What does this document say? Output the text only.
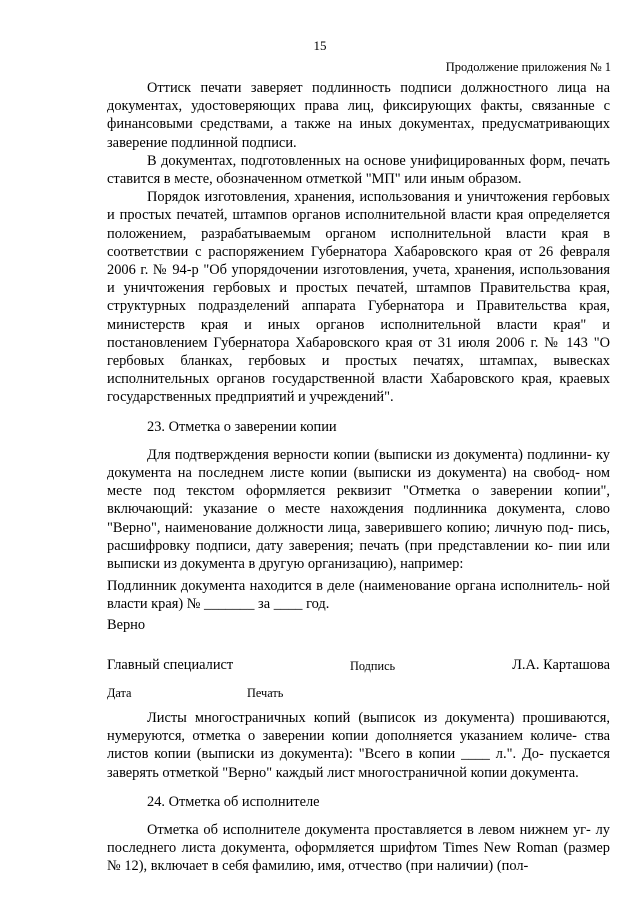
15
Продолжение приложения № 1

Оттиск печати заверяет подлинность подписи должностного лица на документах, удостоверяющих права лиц, фиксирующих факты, связанные с финансовыми средствами, а также на иных документах, предусматривающих заверение подлинной подписи.

В документах, подготовленных на основе унифицированных форм, печать ставится в месте, обозначенном отметкой "МП" или иным образом.

Порядок изготовления, хранения, использования и уничтожения гербовых и простых печатей, штампов органов исполнительной власти края определяется положением, разрабатываемым органом исполнительной власти края в соответствии с распоряжением Губернатора Хабаровского края от 26 февраля 2006 г. № 94-р "Об упорядочении изготовления, учета, хранения, использования и уничтожения гербовых и простых печатей, штампов Правительства края, структурных подразделений аппарата Губернатора и Правительства края, министерств края и иных органов исполнительной власти края" и постановлением Губернатора Хабаровского края от 31 июля 2006 г. № 143 "О гербовых бланках, гербовых и простых печатях, штампах, вывесках исполнительных органов государственной власти Хабаровского края, краевых государственных предприятий и учреждений".

23. Отметка о заверении копии

Для подтверждения верности копии (выписки из документа) подлинни- ку документа на последнем листе копии (выписки из документа) на свобод- ном месте под текстом оформляется реквизит "Отметка о заверении копии", включающий: указание о месте нахождения подлинника документа, слово "Верно", наименование должности лица, заверившего копию; личную под- пись, расшифровку подписи, дату заверения; печать (при представлении ко- пии или выписки из документа в другую организацию), например:

Подлинник документа находится в деле (наименование органа исполнитель- ной власти края) № _______ за ____ год.
Верно
Главный специалист	Подпись	Л.А. Карташова
Дата	Печать

Листы многостраничных копий (выписок из документа) прошиваются, нумеруются, отметка о заверении копии дополняется указанием количе- ства листов копии (выписки из документа): "Всего в копии ____ л.". До- пускается заверять отметкой "Верно" каждый лист многостраничной копии документа.

24. Отметка об исполнителе

Отметка об исполнителе документа проставляется в левом нижнем уг- лу последнего листа документа, оформляется шрифтом Times New Roman (размер № 12), включает в себя фамилию, имя, отчество (при наличии) (пол-
